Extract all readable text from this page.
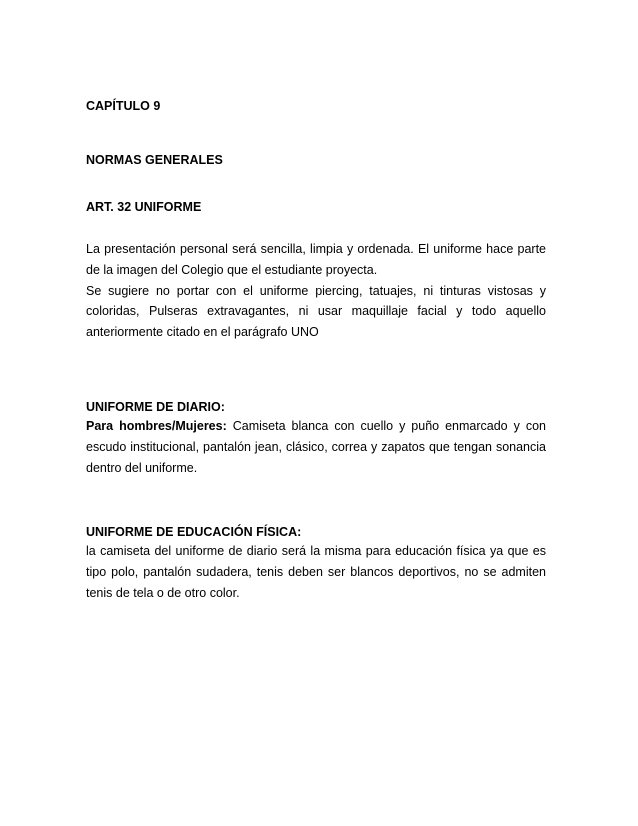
CAPÍTULO 9
NORMAS GENERALES
ART. 32 UNIFORME

La presentación personal será sencilla, limpia y ordenada. El uniforme hace parte de la imagen del Colegio que el estudiante proyecta.

Se sugiere no portar con el uniforme piercing, tatuajes, ni tinturas vistosas y coloridas, Pulseras extravagantes, ni usar maquillaje facial y todo aquello anteriormente citado en el parágrafo UNO

UNIFORME DE DIARIO:

Para hombres/Mujeres: Camiseta blanca con cuello y puño enmarcado y con escudo institucional, pantalón jean, clásico, correa y zapatos que tengan sonancia dentro del uniforme.

UNIFORME DE EDUCACIÓN FÍSICA:

la camiseta del uniforme de diario será la misma para educación física ya que es tipo polo, pantalón sudadera, tenis deben ser blancos deportivos, no se admiten tenis de tela o de otro color.
